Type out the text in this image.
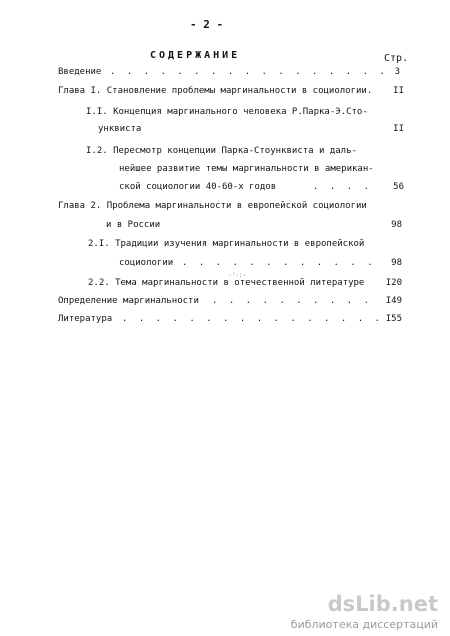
- 2 -
СОДЕРЖАНИЕ	Стр.
Введение . . .	3
Глава I. Становление проблемы маргинальности в социологии. II
I.I. Концепция маргинального человека Р.Парка-Э.Сто-
унквиста	II
I.2. Пересмотр концепции Парка-Стоунквиста и даль-
нейшее развитие темы маргинальности в американ-
ской социологии 40-60-х годов . . .	56
Глава 2. Проблема маргинальности в европейской социологии
и в России	98
2.I. Традиции изучения маргинальности в европейской
социологии . . .	98
2.2. Тема маргинальности в отечественной литературе I20
·'·:·
Определение маргинальности . . .	I49
Литература . . .	I55
dsLib.net
библиотека диссертаций
